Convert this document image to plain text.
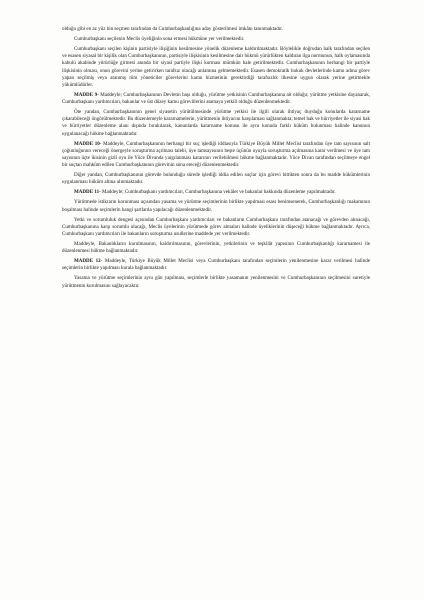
olduğu gibi en az yüz bin seçmen tarafından da Cumhurbaşkanlığına aday gösterilmesi imkânı tanınmaktadır.

Cumhurbaşkanı seçilenin Meclis üyeliğinin sona ermesi hükmüne yer verilmektedir.

Cumhurbaşkanı seçilen kişinin partisiyle ilişiğinin kesilmesine yönelik düzenleme kaldırılmaktadır. Böylelikle doğrudan halk tarafından seçilen ve esasen siyasal bir kişilik olan Cumhurbaşkanının, partisiyle ilişkisinin kesilmesine dair hükmü yürürlükten kaldıran ilga normunun, halk oylamasında kabulü akabinde yürürlüğe girmesi anında bir siyasi partiyle ilişki kurması mümkün hale getirilmektedir. Cumhurbaşkanının herhangi bir partiyle ilişkisinin olması, onun görevini yerine getirirken tarafsız olacağı anlamına gelmemektedir. Esasen demokratik hukuk devletlerinde kamu adına görev yapan seçilmiş veya atanmış tüm yöneticiler görevlerini kamu hizmetinin gerektirdiği tarafsızlık ilkesine uygun olarak yerine getirmekle yükümlüdürler.

MADDE 9- Maddeyle; Cumhurbaşkanının Devletin başı olduğu, yürütme yetkisinin Cumhurbaşkanına ait olduğu; yürütme yetkisine dayanarak, Cumhurbaşkanı yardımcıları, bakanlar ve üst düzey kamu görevlilerini atamaya yetkili olduğu düzenlenmektedir.

Öte yandan, Cumhurbaşkanının genel siyasetin yürütülmesinde yürütme yetkisi ile ilgili olarak ihtiyaç duyduğu konularda kararname çıkarabileceği öngörülmektedir. Bu düzenlemeyle kararnamelerin, yürütmenin ihtiyacını karşılaması sağlanmakta; temel hak ve hürriyetler ile siyasi hak ve hürriyetler düzenleme alanı dışında bırakılarak, kanunlarda kararname konusu ile aynı konuda farklı hüküm bulunması halinde kanunun uygulanacağı hükme bağlanmaktadır.

MADDE 10- Maddeyle, Cumhurbaşkanının herhangi bir suç işlediği iddiasıyla Türkiye Büyük Millet Meclisi tarafından üye tam sayısının salt çoğunluğunun vereceği önergeyle soruşturma açılması talebi, üye tamsayısının beşte üçünün oyuyla soruşturma açılmasına karar verilmesi ve üye tam sayısının üçte ikisinin gizli oyu ile Yüce Divanda yargılanması kararının verilebilmesi hükme bağlanmaktadır. Yüce Divan tarafından seçilmeye engel bir suçtan mahkûm edilen Cumhurbaşkanının görevinin sona ereceği düzenlenmektedir.

Diğer yandan, Cumhurbaşkanının görevde bulunduğu sürede işlediği iddia edilen suçlar için görevi bittikten sonra da bu madde hükümlerinin uygulanması hüküm altına alınmaktadır.

MADDE 11- Maddeyle; Cumhurbaşkanı yardımcıları, Cumhurbaşkanına vekâlet ve bakanlar hakkında düzenleme yapılmaktadır.

Yürütmede istikrarın korunması açısından yasama ve yürütme seçimlerinin birlikte yapılması esası benimsenerek, Cumhurbaşkanlığı makamının boşalması halinde seçimlerin hangi şartlarda yapılacağı düzenlenmektedir.

Yetki ve sorumluluk dengesi açısından Cumhurbaşkanı yardımcıları ve bakanların Cumhurbaşkanı tarafından atanacağı ve görevden alınacağı, Cumhurbaşkanına karşı sorumlu olacağı, Meclis üyelerinin yürütmede görev almaları halinde üyeliklerinin düşeceği hükme bağlanmaktadır. Ayrıca, Cumhurbaşkanı yardımcıları ile bakanların soruşturma usullerine maddede yer verilmektedir.

Maddeyle, Bakanlıkların kurulmasının, kaldırılmasının, görevlerinin, yetkilerinin ve teşkilât yapısının Cumhurbaşkanlığı kararnamesi ile düzenlenmesi hükme bağlanmaktadır.

MADDE 12- Maddeyle, Türkiye Büyük Millet Meclisi veya Cumhurbaşkanı tarafından seçimlerin yenilenmesine karar verilmesi halinde seçimlerin birlikte yapılması kurala bağlanmaktadır.

Yasama ve yürütme seçimlerinin aynı gün yapılması, seçimlerle birlikte yasamanın yenilenmesini ve Cumhurbaşkanının seçilmesini suretiyle yürütmenin kurulmasını sağlayacaktır.
